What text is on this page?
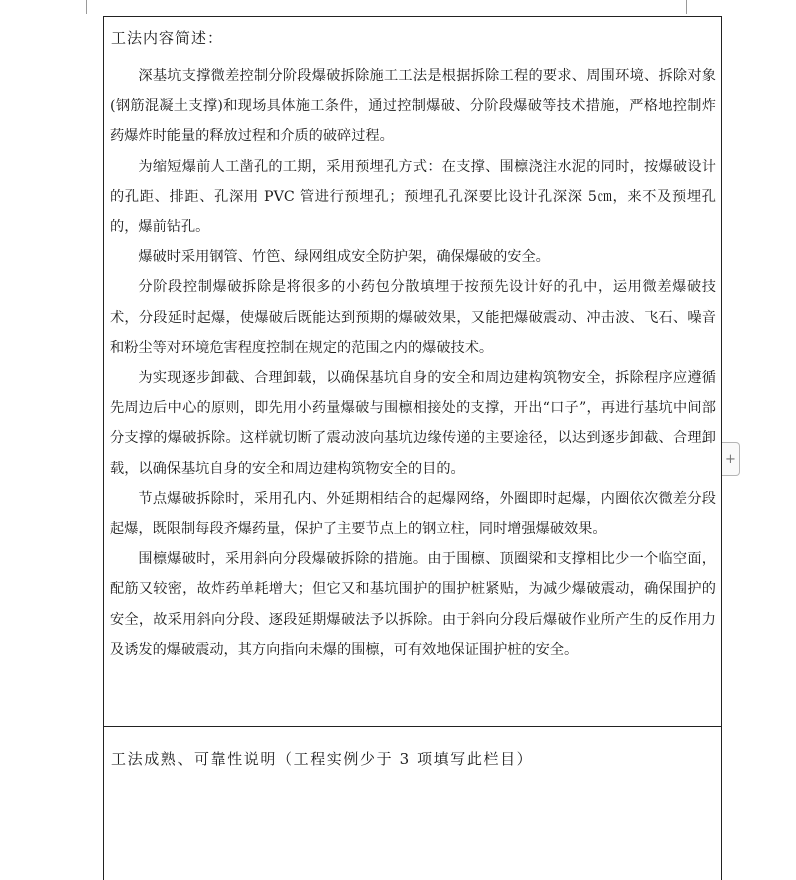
工法内容简述：

深基坑支撑微差控制分阶段爆破拆除施工工法是根据拆除工程的要求、周围环境、拆除对象(钢筋混凝土支撑)和现场具体施工条件，通过控制爆破、分阶段爆破等技术措施，严格地控制炸药爆炸时能量的释放过程和介质的破碎过程。

为缩短爆前人工凿孔的工期，采用预埋孔方式：在支撑、围檩浇注水泥的同时，按爆破设计的孔距、排距、孔深用 PVC 管进行预埋孔；预埋孔孔深要比设计孔深深 5㎝，来不及预埋孔的，爆前钻孔。

爆破时采用钢管、竹笆、绿网组成安全防护架，确保爆破的安全。

分阶段控制爆破拆除是将很多的小药包分散填埋于按预先设计好的孔中，运用微差爆破技术，分段延时起爆，使爆破后既能达到预期的爆破效果，又能把爆破震动、冲击波、飞石、噪音和粉尘等对环境危害程度控制在规定的范围之内的爆破技术。

为实现逐步卸截、合理卸载，以确保基坑自身的安全和周边建构筑物安全，拆除程序应遵循先周边后中心的原则，即先用小药量爆破与围檩相接处的支撑，开出“口子”，再进行基坑中间部分支撑的爆破拆除。这样就切断了震动波向基坑边缘传递的主要途径，以达到逐步卸截、合理卸载，以确保基坑自身的安全和周边建构筑物安全的目的。

节点爆破拆除时，采用孔内、外延期相结合的起爆网络，外圈即时起爆，内圈依次微差分段起爆，既限制每段齐爆药量，保护了主要节点上的钢立柱，同时增强爆破效果。

围檩爆破时，采用斜向分段爆破拆除的措施。由于围檩、顶圈梁和支撑相比少一个临空面，配筋又较密，故炸药单耗增大；但它又和基坑围护的围护桩紧贴，为减少爆破震动，确保围护的安全，故采用斜向分段、逐段延期爆破法予以拆除。由于斜向分段后爆破作业所产生的反作用力及诱发的爆破震动，其方向指向未爆的围檩，可有效地保证围护桩的安全。

工法成熟、可靠性说明（工程实例少于 3 项填写此栏目）
+
